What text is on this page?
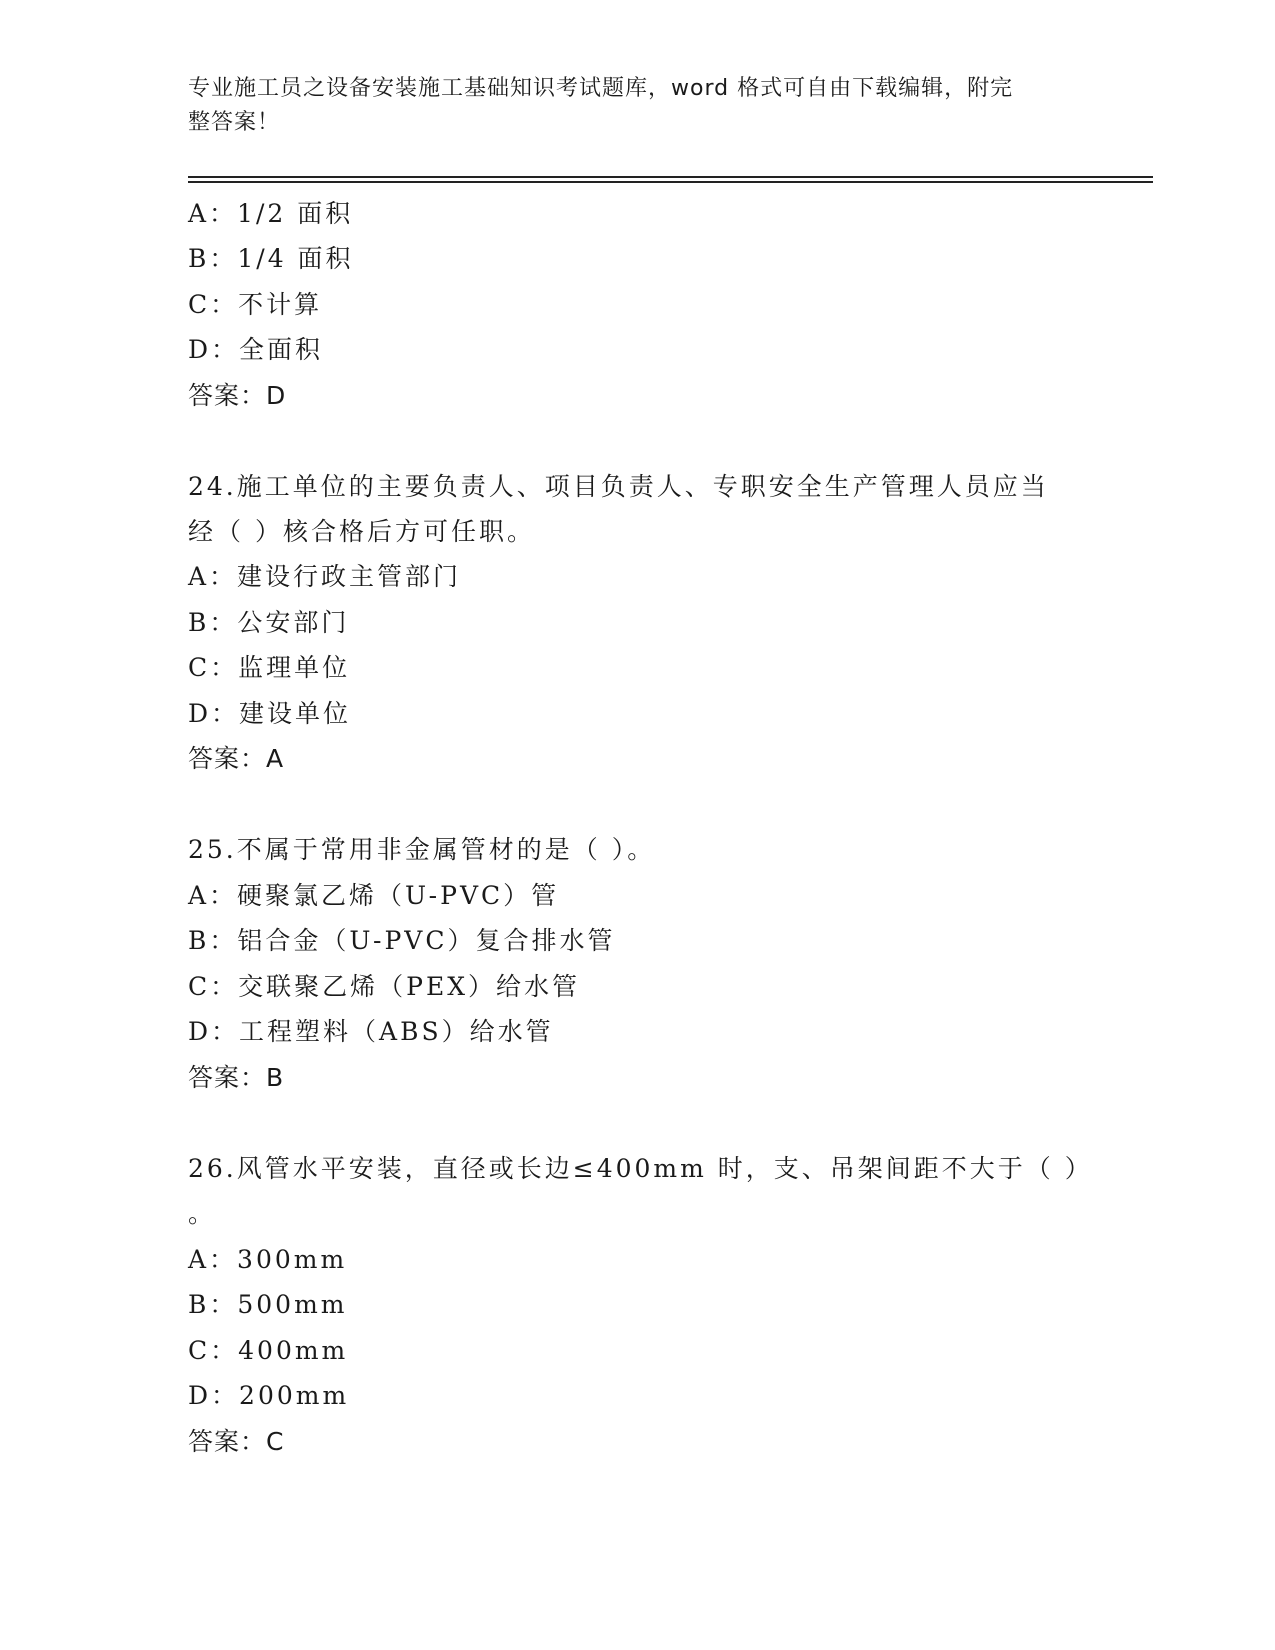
专业施工员之设备安装施工基础知识考试题库，word 格式可自由下载编辑，附完
整答案！
A：1/2 面积
B：1/4 面积
C：不计算
D：全面积
答案：D
24.施工单位的主要负责人、项目负责人、专职安全生产管理人员应当
经（ ）核合格后方可任职。
A：建设行政主管部门
B：公安部门
C：监理单位
D：建设单位
答案：A
25.不属于常用非金属管材的是（ ）。
A：硬聚氯乙烯（U-PVC）管
B：铝合金（U-PVC）复合排水管
C：交联聚乙烯（PEX）给水管
D：工程塑料（ABS）给水管
答案：B
26.风管水平安装，直径或长边≤400mm 时，支、吊架间距不大于（ ）
。
A：300mm
B：500mm
C：400mm
D：200mm
答案：C
